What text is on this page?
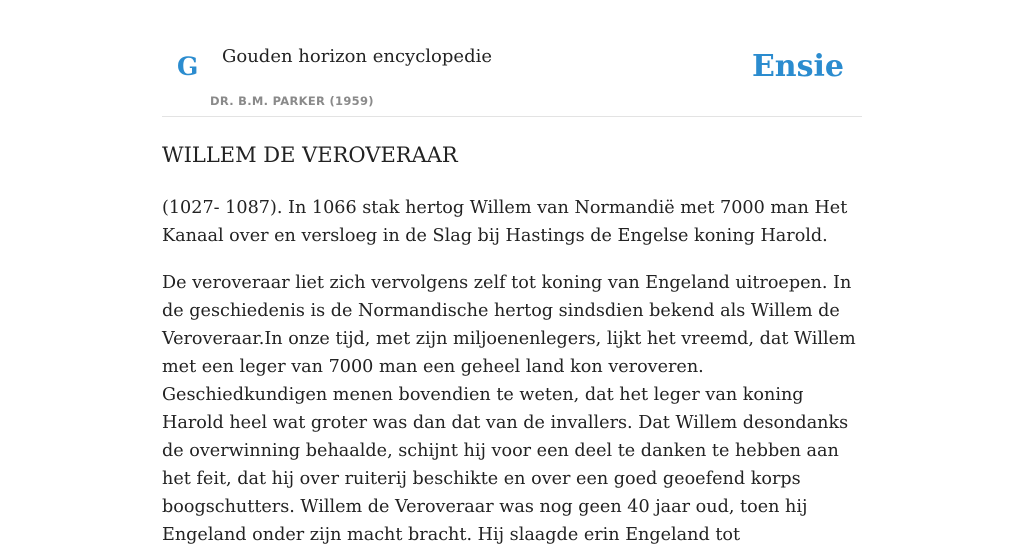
G Gouden horizon encyclopedie
DR. B.M. PARKER (1959)
Ensie
WILLEM DE VEROVERAAR

(1027- 1087). In 1066 stak hertog Willem van Normandië met 7000 man Het Kanaal over en versloeg in de Slag bij Hastings de Engelse koning Harold.

De veroveraar liet zich vervolgens zelf tot koning van Engeland uitroepen. In de geschiedenis is de Normandische hertog sindsdien bekend als Willem de Veroveraar.In onze tijd, met zijn miljoenenlegers, lijkt het vreemd, dat Willem met een leger van 7000 man een geheel land kon veroveren. Geschiedkundigen menen bovendien te weten, dat het leger van koning Harold heel wat groter was dan dat van de invallers. Dat Willem desondanks de overwinning behaalde, schijnt hij voor een deel te danken te hebben aan het feit, dat hij over ruiterij beschikte en over een goed geoefend korps boogschutters. Willem de Veroveraar was nog geen 40 jaar oud, toen hij Engeland onder zijn macht bracht. Hij slaagde erin Engeland tot
